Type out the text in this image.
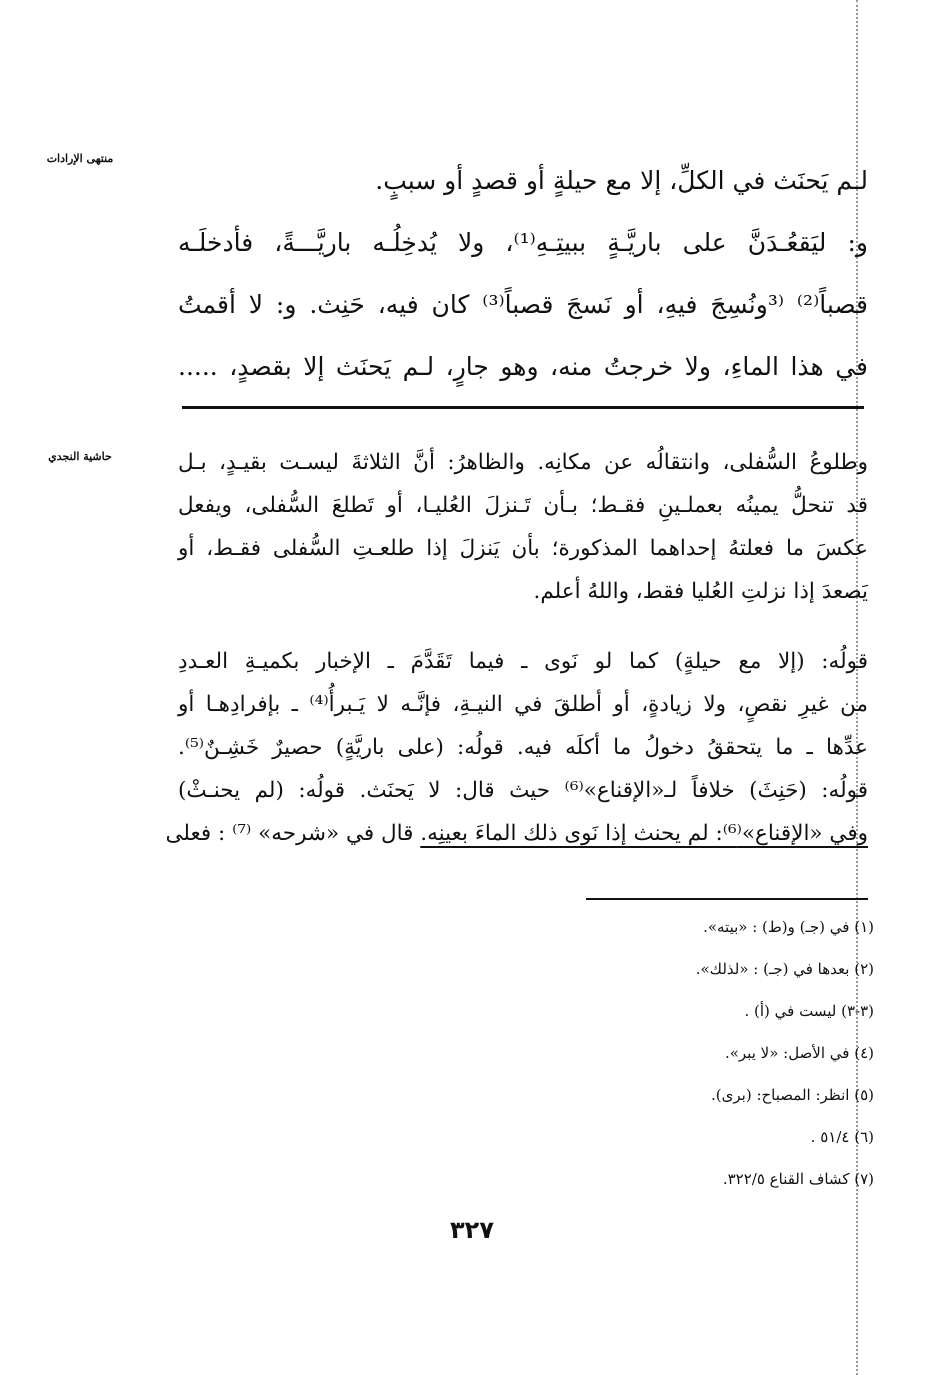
منتهى الإرادات
حاشية النجدي
لـم يَحنَث في الكلِّ، إلا مع حيلةٍ أو قصدٍ أو سببٍ.
و: ليَقعُـدَنَّ على باريَّـةٍ ببيتِـهِ⁽¹⁾، ولا يُدخِلُـه باريَّـــةً، فأدخلَـه
قصباً⁽²⁾ ⁽³ونُسِجَ فيهِ، أو نَسجَ قصباً⁽³⁾ كان فيه، حَنِث. و: لا أقمتُ
في هذا الماءِ، ولا خرجتُ منه، وهو جارٍ، لـم يَحنَث إلا بقصدٍ، .....
وطلوعُ السُّفلى، وانتقالُه عن مكانِه. والظاهرُ: أنَّ الثلاثةَ ليسـت بقيـدٍ، بـل
قد تنحلُّ يمينُه بعملـينِ فقـط؛ بـأن تَـنزلَ العُليـا، أو تَطلعَ السُّفلى، ويفعل
عكسَ ما فعلتهُ إحداهما المذكورة؛ بأن يَنزلَ إذا طلعـتِ السُّفلى فقـط، أو
يَصعدَ إذا نزلتِ العُليا فقط، واللهُ أعلم.
قولُه: (إلا مع حيلةٍ) كما لو نَوى ـ فيما تَقَدَّمَ ـ الإخبار بكميـةِ العـددِ
من غيرِ نقصٍ، ولا زيادةٍ، أو أطلقَ في النيـةِ، فإنَّـه لا يَـبرأُ⁽⁴⁾ ـ بإفرادِهـا أو
عدِّها ـ ما يتحققُ دخولُ ما أكلَه فيه. قولُه: (على باريَّةٍ) حصيرٌ خَشِـنٌ⁽⁵⁾.
قولُه: (حَنِثَ) خلافاً لـ«الإقناع»⁽⁶⁾ حيث قال: لا يَحنَث. قولُه: (لم يحنـثْ)
وفي «الإقناع»⁽⁶⁾: لم يحنث إذا نَوى ذلك الماءَ بعينِه. قال في «شرحه» ⁽⁷⁾ : فعلى
(١) في (جـ) و(ط) : «بيته».
(٢) بعدها في (جـ) : «لذلك».
(٣-٣) ليست في (أ) .
(٤) في الأصل: «لا يبر».
(٥) انظر: المصباح: (برى).
(٦) ٥١/٤ .
(٧) كشاف القناع ٣٢٢/٥.
٣٢٧
